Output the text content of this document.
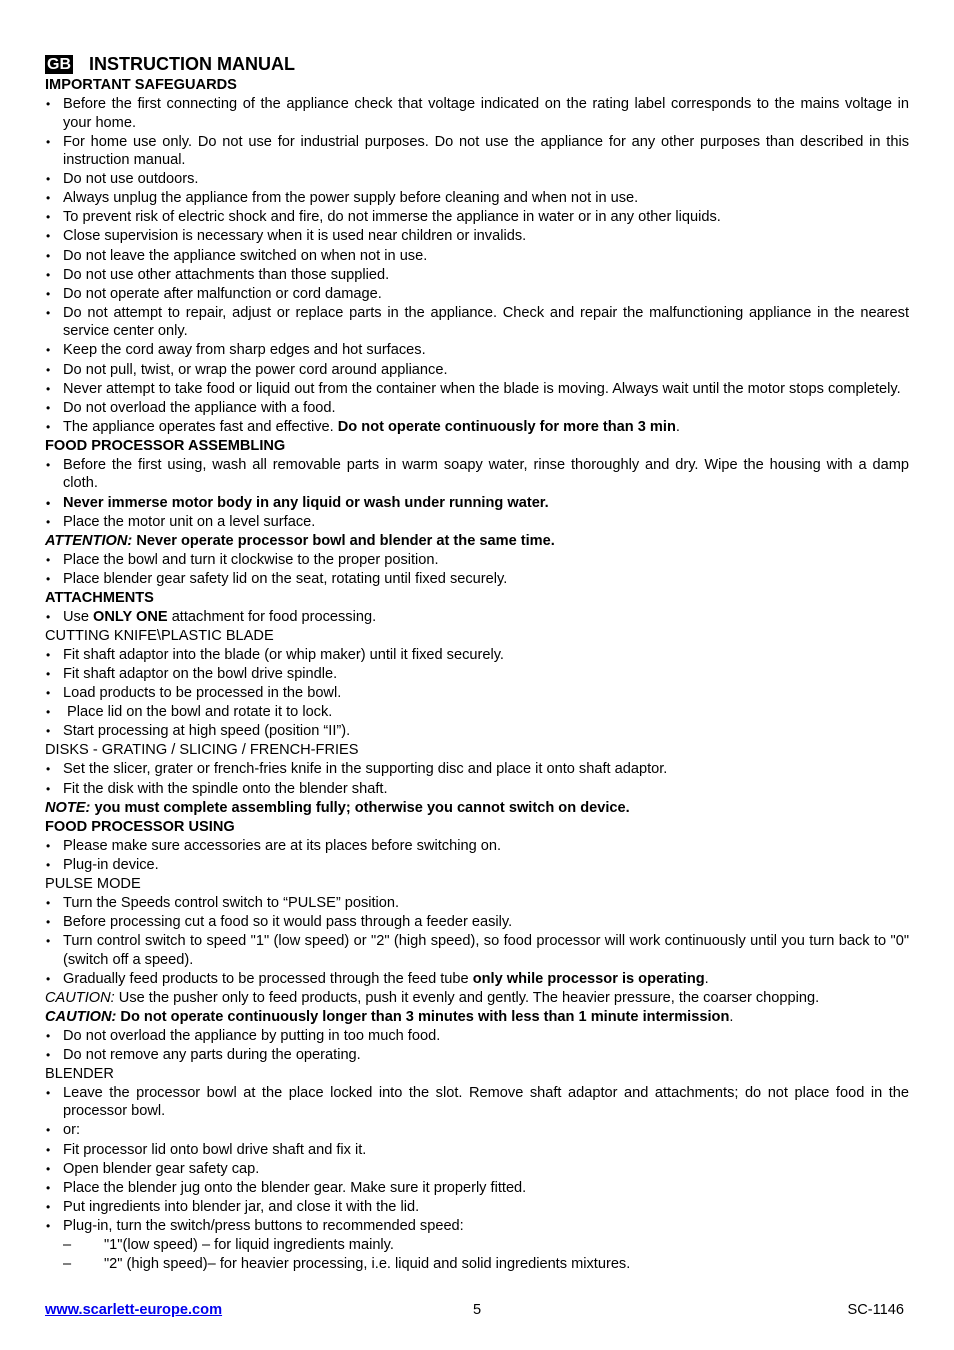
GB INSTRUCTION MANUAL
IMPORTANT SAFEGUARDS
• Before the first connecting of the appliance check that voltage indicated on the rating label corresponds to the mains voltage in your home.
• For home use only. Do not use for industrial purposes. Do not use the appliance for any other purposes than described in this instruction manual.
• Do not use outdoors.
• Always unplug the appliance from the power supply before cleaning and when not in use.
• To prevent risk of electric shock and fire, do not immerse the appliance in water or in any other liquids.
• Close supervision is necessary when it is used near children or invalids.
• Do not leave the appliance switched on when not in use.
• Do not use other attachments than those supplied.
• Do not operate after malfunction or cord damage.
• Do not attempt to repair, adjust or replace parts in the appliance. Check and repair the malfunctioning appliance in the nearest service center only.
• Keep the cord away from sharp edges and hot surfaces.
• Do not pull, twist, or wrap the power cord around appliance.
• Never attempt to take food or liquid out from the container when the blade is moving. Always wait until the motor stops completely.
• Do not overload the appliance with a food.
• The appliance operates fast and effective. Do not operate continuously for more than 3 min.
FOOD PROCESSOR ASSEMBLING
• Before the first using, wash all removable parts in warm soapy water, rinse thoroughly and dry. Wipe the housing with a damp cloth.
• Never immerse motor body in any liquid or wash under running water.
• Place the motor unit on a level surface.
ATTENTION: Never operate processor bowl and blender at the same time.
• Place the bowl and turn it clockwise to the proper position.
• Place blender gear safety lid on the seat, rotating until fixed securely.
ATTACHMENTS
• Use ONLY ONE attachment for food processing.
CUTTING KNIFE\PLASTIC BLADE
• Fit shaft adaptor into the blade (or whip maker) until it fixed securely.
• Fit shaft adaptor on the bowl drive spindle.
• Load products to be processed in the bowl.
•  Place lid on the bowl and rotate it to lock.
• Start processing at high speed (position “II”).
DISKS - GRATING / SLICING / FRENCH-FRIES
• Set the slicer, grater or french-fries knife in the supporting disc and place it onto shaft adaptor.
• Fit the disk with the spindle onto the blender shaft.
NOTE: you must complete assembling fully; otherwise you cannot switch on device.
FOOD PROCESSOR USING
• Please make sure accessories are at its places before switching on.
• Plug-in device.
PULSE MODE
• Turn the Speeds control switch to “PULSE” position.
• Before processing cut a food so it would pass through a feeder easily.
• Turn control switch to speed "1" (low speed) or "2" (high speed), so food processor will work continuously until you turn back to "0" (switch off a speed).
• Gradually feed products to be processed through the feed tube only while processor is operating.
CAUTION: Use the pusher only to feed products, push it evenly and gently. The heavier pressure, the coarser chopping.
CAUTION: Do not operate continuously longer than 3 minutes with less than 1 minute intermission.
• Do not overload the appliance by putting in too much food.
• Do not remove any parts during the operating.
BLENDER
• Leave the processor bowl at the place locked into the slot. Remove shaft adaptor and attachments; do not place food in the processor bowl.
• or:
• Fit processor lid onto bowl drive shaft and fix it.
• Open blender gear safety cap.
• Place the blender jug onto the blender gear. Make sure it properly fitted.
• Put ingredients into blender jar, and close it with the lid.
• Plug-in, turn the switch/press buttons to recommended speed:
– "1"(low speed) – for liquid ingredients mainly.
– "2" (high speed)– for heavier processing, i.e. liquid and solid ingredients mixtures.
www.scarlett-europe.com	5	SC-1146
